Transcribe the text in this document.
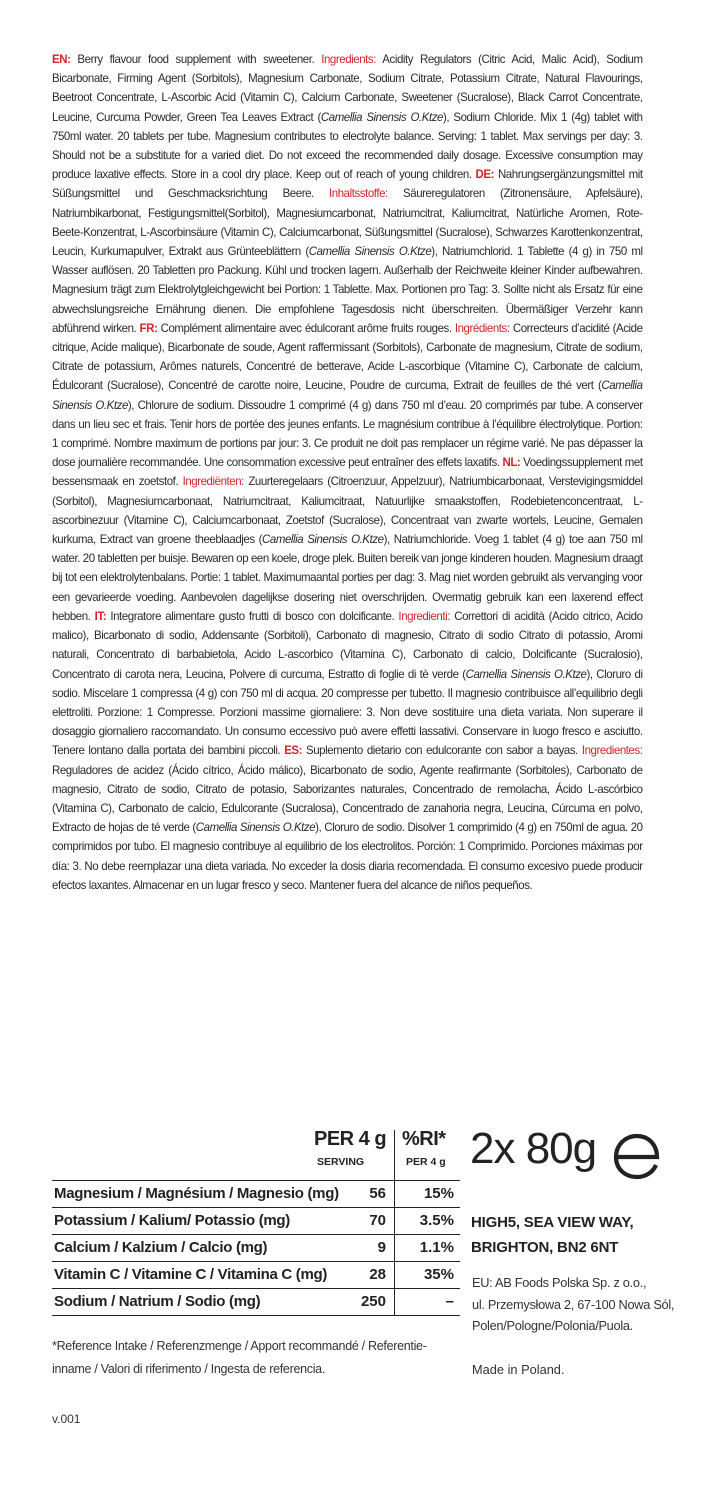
EN: Berry flavour food supplement with sweetener. Ingredients: Acidity Regulators (Citric Acid, Malic Acid), Sodium Bicarbonate, Firming Agent (Sorbitols), Magnesium Carbonate, Sodium Citrate, Potassium Citrate, Natural Flavourings, Beetroot Concentrate, L-Ascorbic Acid (Vitamin C), Calcium Carbonate, Sweetener (Sucralose), Black Carrot Concentrate, Leucine, Curcuma Powder, Green Tea Leaves Extract (Camellia Sinensis O.Ktze), Sodium Chloride. Mix 1 (4g) tablet with 750ml water. 20 tablets per tube. Magnesium contributes to electrolyte balance. Serving: 1 tablet. Max servings per day: 3. Should not be a substitute for a varied diet. Do not exceed the recommended daily dosage. Excessive consumption may produce laxative effects. Store in a cool dry place. Keep out of reach of young children. DE: Nahrungsergänzungsmittel mit Süßungsmittel und Geschmacksrichtung Beere. Inhaltsstoffe: Säureregulatoren (Zitronensäure, Apfelsäure), Natriumbikarbonat, Festigungsmittel(Sorbitol), Magnesiumcarbonat, Natriumcitrat, Kaliumcitrat, Natürliche Aromen, Rote-Beete-Konzentrat, L-Ascorbinsäure (Vitamin C), Calciumcarbonat, Süßungsmittel (Sucralose), Schwarzes Karottenkonzentrat, Leucin, Kurkumapulver, Extrakt aus Grünteeblättern (Camellia Sinensis O.Ktze), Natriumchlorid. 1 Tablette (4 g) in 750 ml Wasser auflösen. 20 Tabletten pro Packung. Kühl und trocken lagern. Außerhalb der Reichweite kleiner Kinder aufbewahren. Magnesium trägt zum Elektrolytgleichgewicht bei Portion: 1 Tablette. Max. Portionen pro Tag: 3. Sollte nicht als Ersatz für eine abwechslungsreiche Ernährung dienen. Die empfohlene Tagesdosis nicht überschreiten. Übermäßiger Verzehr kann abführend wirken. FR: Complément alimentaire avec édulcorant arôme fruits rouges. Ingrédients: Correcteurs d’acidité (Acide citrique, Acide malique), Bicarbonate de soude, Agent raffermissant (Sorbitols), Carbonate de magnesium, Citrate de sodium, Citrate de potassium, Arômes naturels, Concentré de betterave, Acide L-ascorbique (Vitamine C), Carbonate de calcium, Édulcorant (Sucralose), Concentré de carotte noire, Leucine, Poudre de curcuma, Extrait de feuilles de thé vert (Camellia Sinensis O.Ktze), Chlorure de sodium. Dissoudre 1 comprimé (4 g) dans 750 ml d’eau. 20 comprimés par tube. A conserver dans un lieu sec et frais. Tenir hors de portée des jeunes enfants. Le magnésium contribue à l’équilibre électrolytique. Portion: 1 comprimé. Nombre maximum de portions par jour: 3. Ce produit ne doit pas remplacer un régime varié. Ne pas dépasser la dose journalière recommandée. Une consommation excessive peut entraîner des effets laxatifs. NL: Voedingssupplement met bessensmaak en zoetstof. Ingrediënten: Zuurteregelaars (Citroenzuur, Appelzuur), Natriumbicarbonaat, Verstevigingsmiddel (Sorbitol), Magnesiumcarbonaat, Natriumcitraat, Kaliumcitraat, Natuurlijke smaakstoffen, Rodebietenconcentraat, L-ascorbinezuur (Vitamine C), Calciumcarbonaat, Zoetstof (Sucralose), Concentraat van zwarte wortels, Leucine, Gemalen kurkuma, Extract van groene theeblaadjes (Camellia Sinensis O.Ktze), Natriumchloride. Voeg 1 tablet (4 g) toe aan 750 ml water. 20 tabletten per buisje. Bewaren op een koele, droge plek. Buiten bereik van jonge kinderen houden. Magnesium draagt bij tot een elektrolytenbalans. Portie: 1 tablet. Maximumaantal porties per dag: 3. Mag niet worden gebruikt als vervanging voor een gevarieerde voeding. Aanbevolen dagelijkse dosering niet overschrijden. Overmatig gebruik kan een laxerend effect hebben. IT: Integratore alimentare gusto frutti di bosco con dolcificante. Ingredienti: Correttori di acidità (Acido citrico, Acido malico), Bicarbonato di sodio, Addensante (Sorbitoli), Carbonato di magnesio, Citrato di sodio Citrato di potassio, Aromi naturali, Concentrato di barbabietola, Acido L-ascorbico (Vitamina C), Carbonato di calcio, Dolcificante (Sucralosio), Concentrato di carota nera, Leucina, Polvere di curcuma, Estratto di foglie di tè verde (Camellia Sinensis O.Ktze), Cloruro di sodio. Miscelare 1 compressa (4 g) con 750 ml di acqua. 20 compresse per tubetto. Il magnesio contribuisce all’equilibrio degli elettroliti. Porzione: 1 Compresse. Porzioni massime giornaliere: 3. Non deve sostituire una dieta variata. Non superare il dosaggio giornaliero raccomandato. Un consumo eccessivo può avere effetti lassativi. Conservare in luogo fresco e asciutto. Tenere lontano dalla portata dei bambini piccoli. ES: Suplemento dietario con edulcorante con sabor a bayas. Ingredientes: Reguladores de acidez (Ácido cítrico, Ácido málico), Bicarbonato de sodio, Agente reafirmante (Sorbitoles), Carbonato de magnesio, Citrato de sodio, Citrato de potasio, Saborizantes naturales, Concentrado de remolacha, Ácido L-ascórbico (Vitamina C), Carbonato de calcio, Edulcorante (Sucralosa), Concentrado de zanahoria negra, Leucina, Cúrcuma en polvo, Extracto de hojas de té verde (Camellia Sinensis O.Ktze), Cloruro de sodio. Disolver 1 comprimido (4 g) en 750ml de agua. 20 comprimidos por tubo. El magnesio contribuye al equilibrio de los electrolitos. Porción: 1 Comprimido. Porciones máximas por día: 3. No debe reemplazar una dieta variada. No exceder la dosis diaria recomendada. El consumo excesivo puede producir efectos laxantes. Almacenar en un lugar fresco y seco. Mantener fuera del alcance de niños pequeños.
PER 4 g
SERVING
%RI*
PER 4 g
Magnesium / Magnésium / Magnesio (mg) 56	15%
Potassium / Kalium/ Potassio (mg)	70 3.5%
Calcium / Kalzium / Calcio (mg)	9 1.1%
Vitamin C / Vitamine C / Vitamina C (mg)	28	35%
Sodium / Natrium / Sodio (mg)	250	–
*Reference Intake / Referenzmenge / Apport recommandé / Referentie-inname / Valori di riferimento / Ingesta de referencia.
v.001
2x 80g
HIGH5, SEA VIEW WAY,
BRIGHTON, BN2 6NT
EU: AB Foods Polska Sp. z o.o.,
ul. Przemysłowa 2, 67-100 Nowa Sól,
Polen/Pologne/Polonia/Puola.
Made in Poland.
